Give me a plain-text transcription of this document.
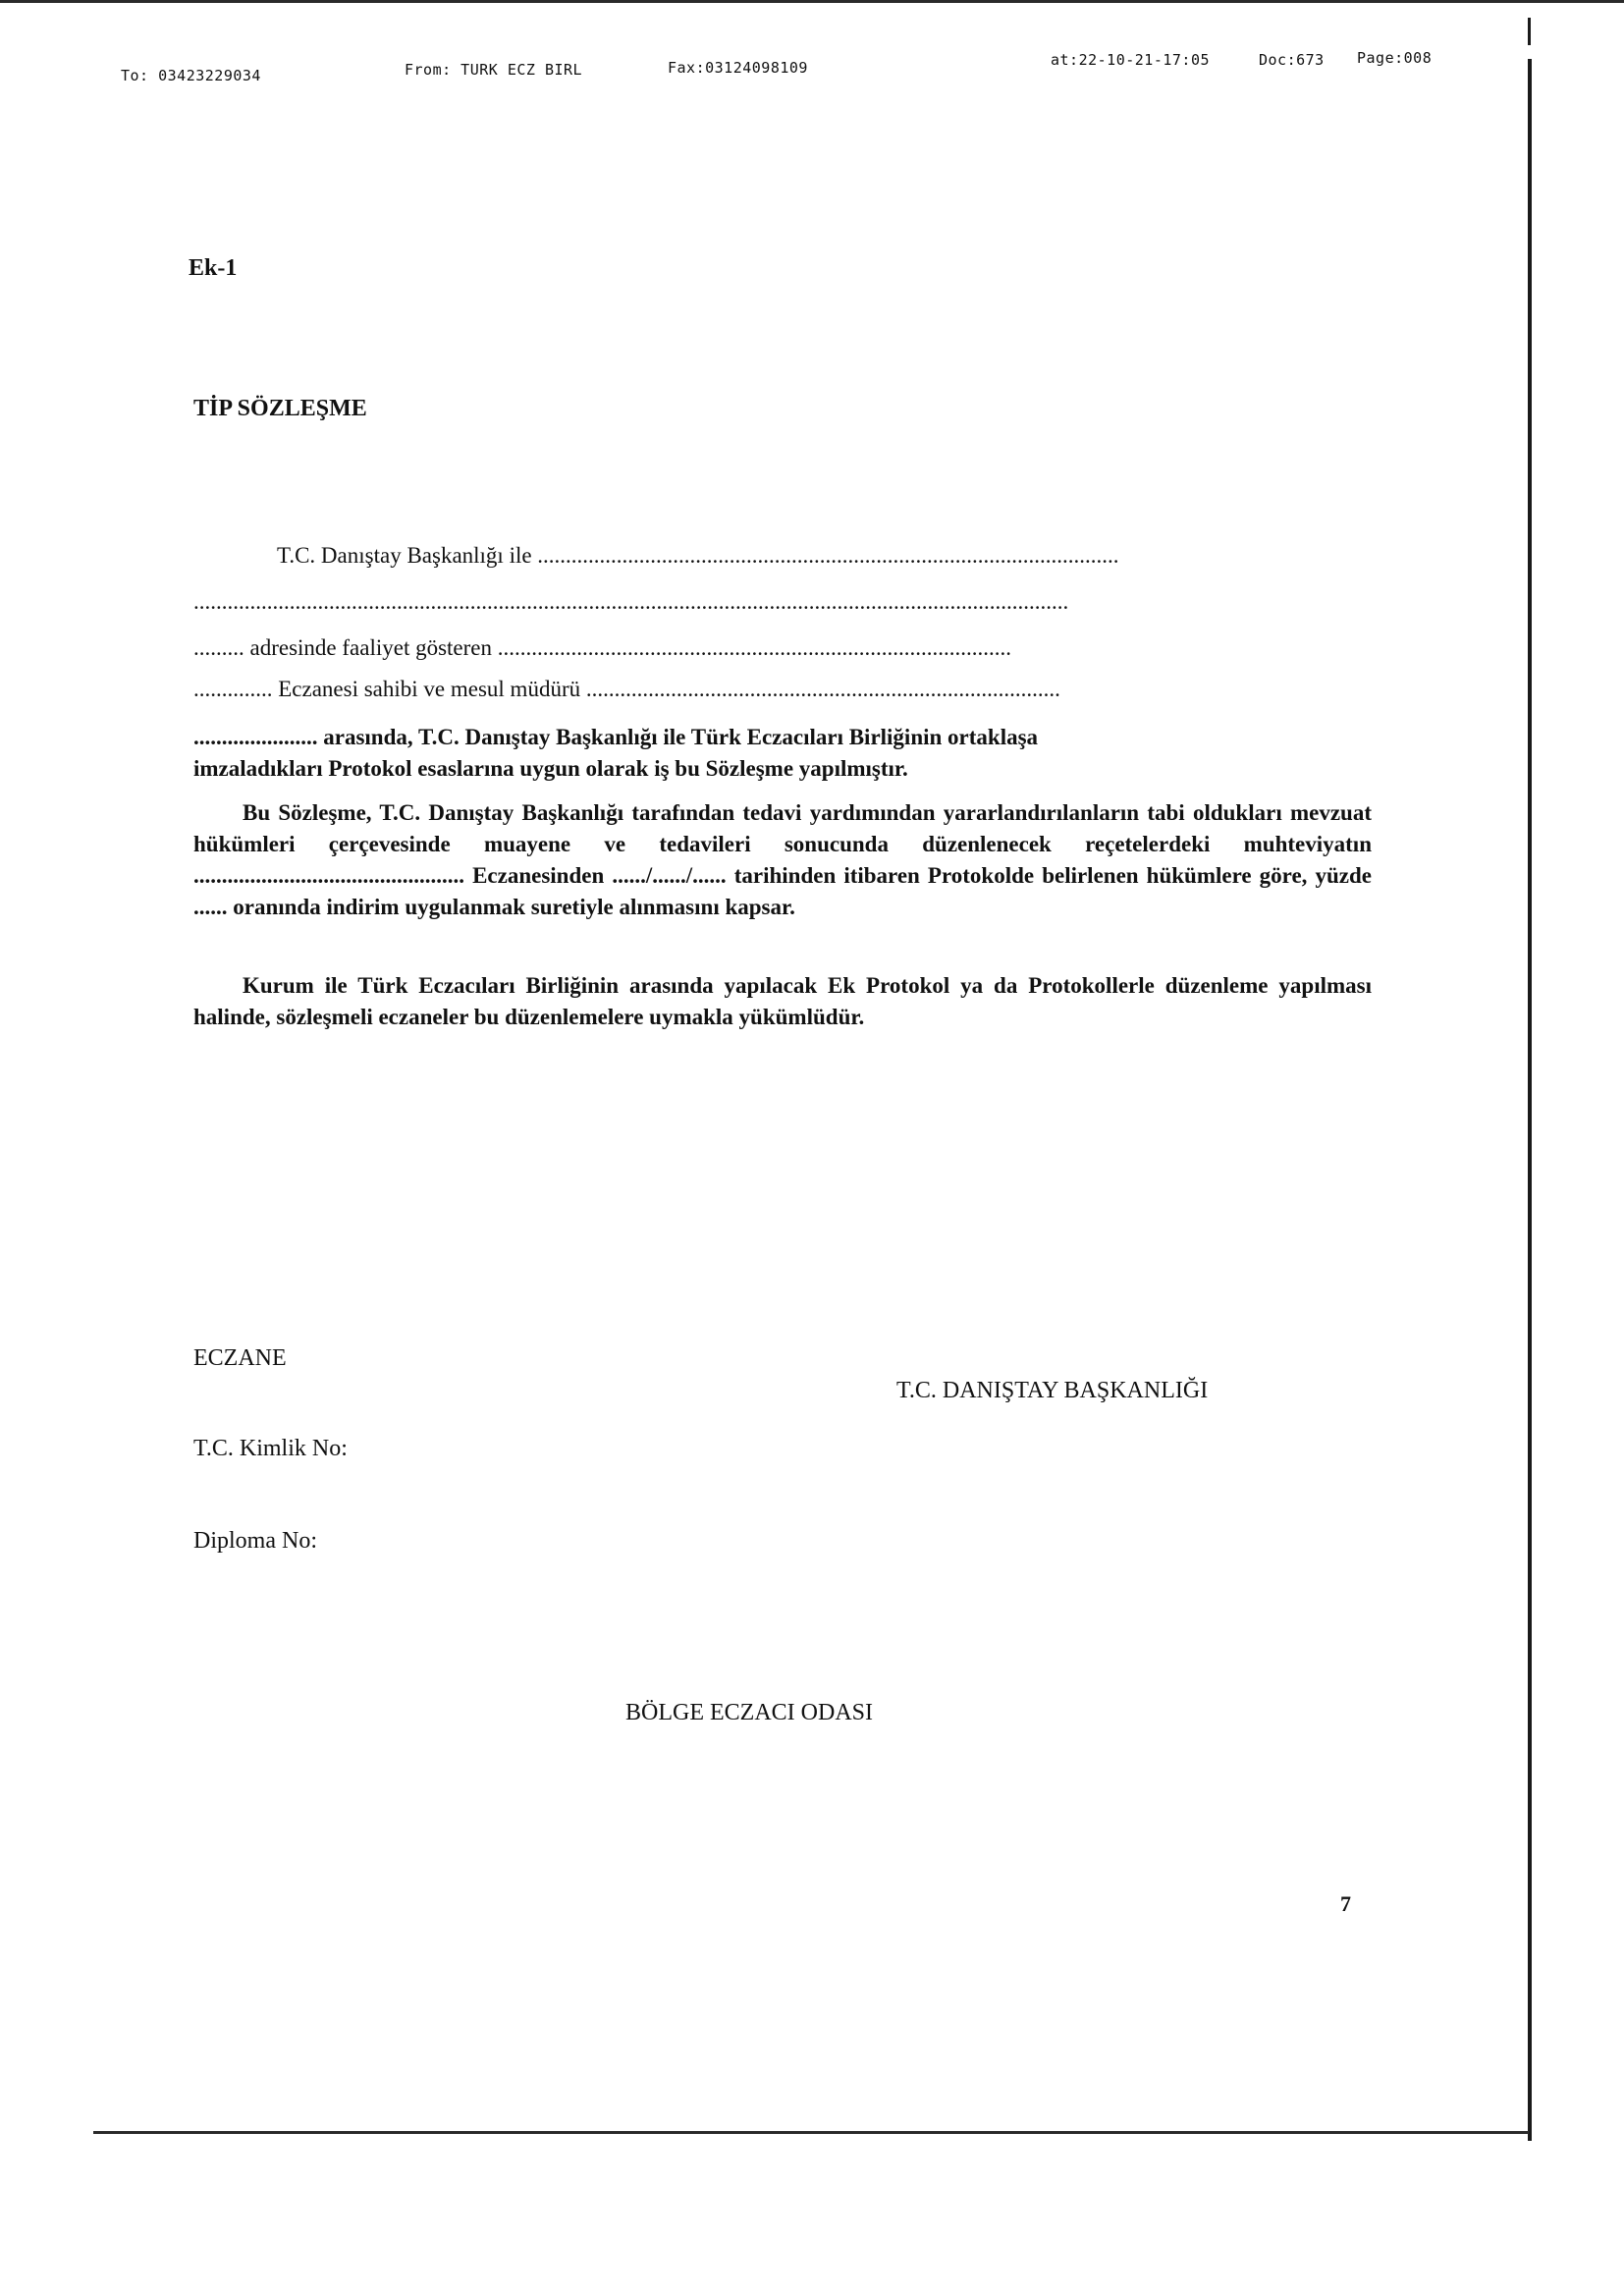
To: 03423229034	From: TURK ECZ BIRL	Fax:03124098109	at:22-10-21-17:05	Doc:673 Page:008
Ek-1
TİP SÖZLEŞME
T.C. Danıştay Başkanlığı ile .......................................................................................................
...........................................................................................................................................................
......... adresinde faaliyet gösteren ...........................................................................................
.............. Eczanesi sahibi ve mesul müdürü ....................................................................................
...................... arasında, T.C. Danıştay Başkanlığı ile Türk Eczacıları Birliğinin ortaklaşa
imzaladıkları Protokol esaslarına uygun olarak iş bu Sözleşme yapılmıştır.
Bu Sözleşme, T.C. Danıştay Başkanlığı tarafından tedavi yardımından yararlandırılanların tabi oldukları mevzuat hükümleri çerçevesinde muayene ve tedavileri sonucunda düzenlenecek reçetelerdeki muhteviyatın ................................................ Eczanesinden ....../....../...... tarihinden itibaren Protokolde belirlenen hükümlere göre, yüzde ...... oranında indirim uygulanmak suretiyle alınmasını kapsar.
Kurum ile Türk Eczacıları Birliğinin arasında yapılacak Ek Protokol ya da Protokollerle düzenleme yapılması halinde, sözleşmeli eczaneler bu düzenlemelere uymakla yükümlüdür.
ECZANE
T.C. DANIŞTAY BAŞKANLIĞI
T.C. Kimlik No:
Diploma No:
BÖLGE ECZACI ODASI
7
